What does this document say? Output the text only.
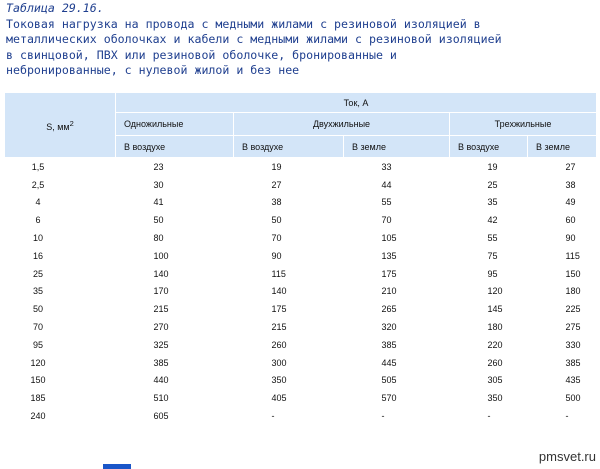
Таблица 29.16.
Токовая нагрузка на провода с медными жилами с резиновой изоляцией в
металлических оболочках и кабели с медными жилами с резиновой изоляцией
в свинцовой, ПВХ или резиновой оболочке, бронированные и
небронированные, с нулевой жилой и без нее
S, $мм^2$	Ток, А				
	Одножильные	Двухжильные		Трехжильные	
	В воздухе	В воздухе	В земле	В воздухе	В земле
1,5	23	19	33	19	27
2,5	30	27	44	25	38
4	41	38	55	35	49
6	50	50	70	42	60
10	80	70	105	55	90
16	100	90	135	75	115
25	140	115	175	95	150
35	170	140	210	120	180
50	215	175	265	145	225
70	270	215	320	180	275
95	325	260	385	220	330
120	385	300	445	260	385
150	440	350	505	305	435
185	510	405	570	350	500
240	605	-	-	-	-
pmsvet.ru
